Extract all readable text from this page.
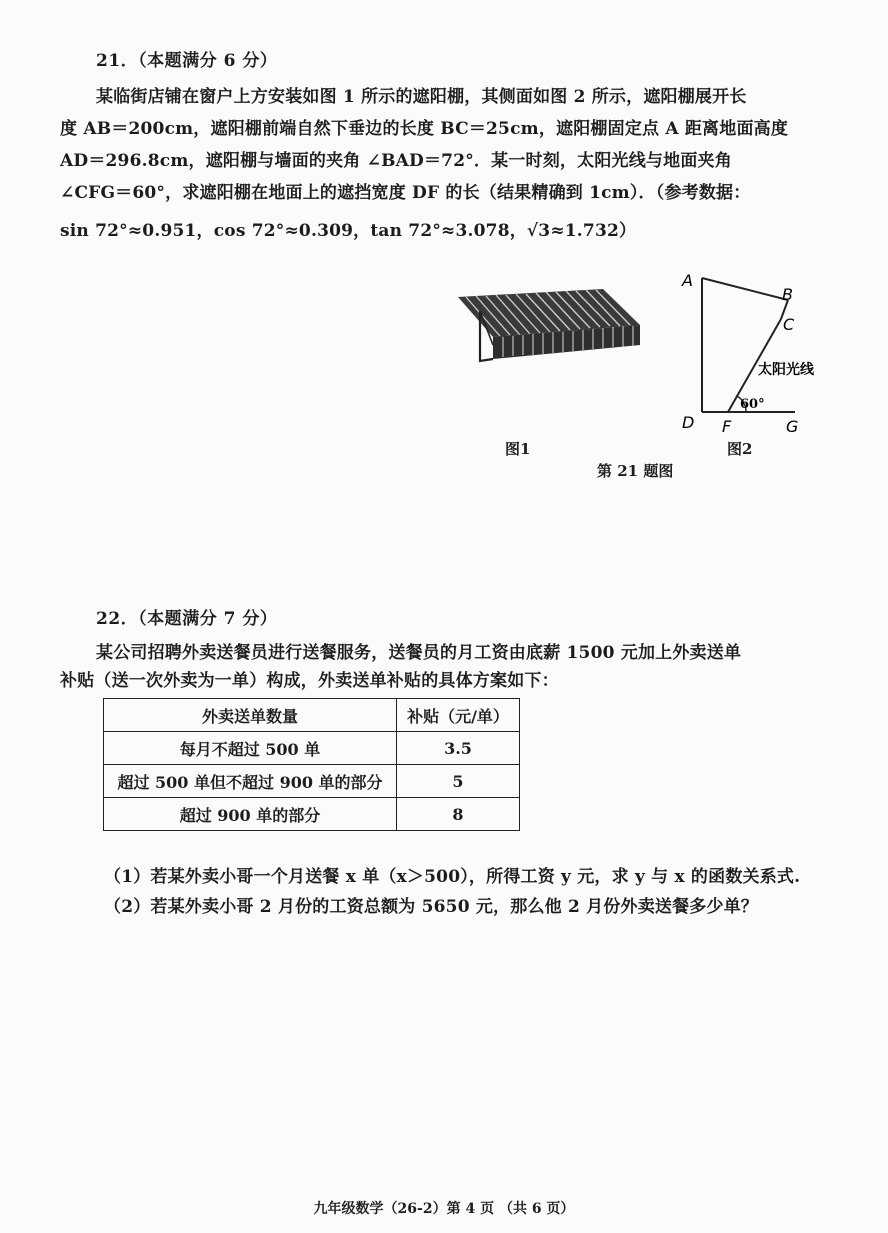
21．（本题满分 6 分）
某临街店铺在窗户上方安装如图 1 所示的遮阳棚，其侧面如图 2 所示，遮阳棚展开长
度 AB＝200cm，遮阳棚前端自然下垂边的长度 BC＝25cm，遮阳棚固定点 A 距离地面高度
AD＝296.8cm，遮阳棚与墙面的夹角 ∠BAD＝72°．某一时刻，太阳光线与地面夹角
∠CFG＝60°，求遮阳棚在地面上的遮挡宽度 DF 的长（结果精确到 1cm）．（参考数据：
sin 72°≈0.951，cos 72°≈0.309，tan 72°≈3.078，√3≈1.732）
A
B
C
D F	G
太阳光线
60°
图1	图2
第 21 题图
22．（本题满分 7 分）
某公司招聘外卖送餐员进行送餐服务，送餐员的月工资由底薪 1500 元加上外卖送单
补贴（送一次外卖为一单）构成，外卖送单补贴的具体方案如下：
外卖送单数量	补贴（元/单）
每月不超过 500 单	3.5
超过 500 单但不超过 900 单的部分	5
超过 900 单的部分	8
（1）若某外卖小哥一个月送餐 x 单（x＞500），所得工资 y 元，求 y 与 x 的函数关系式.
（2）若某外卖小哥 2 月份的工资总额为 5650 元，那么他 2 月份外卖送餐多少单？
九年级数学（26-2）第 4 页 （共 6 页）
